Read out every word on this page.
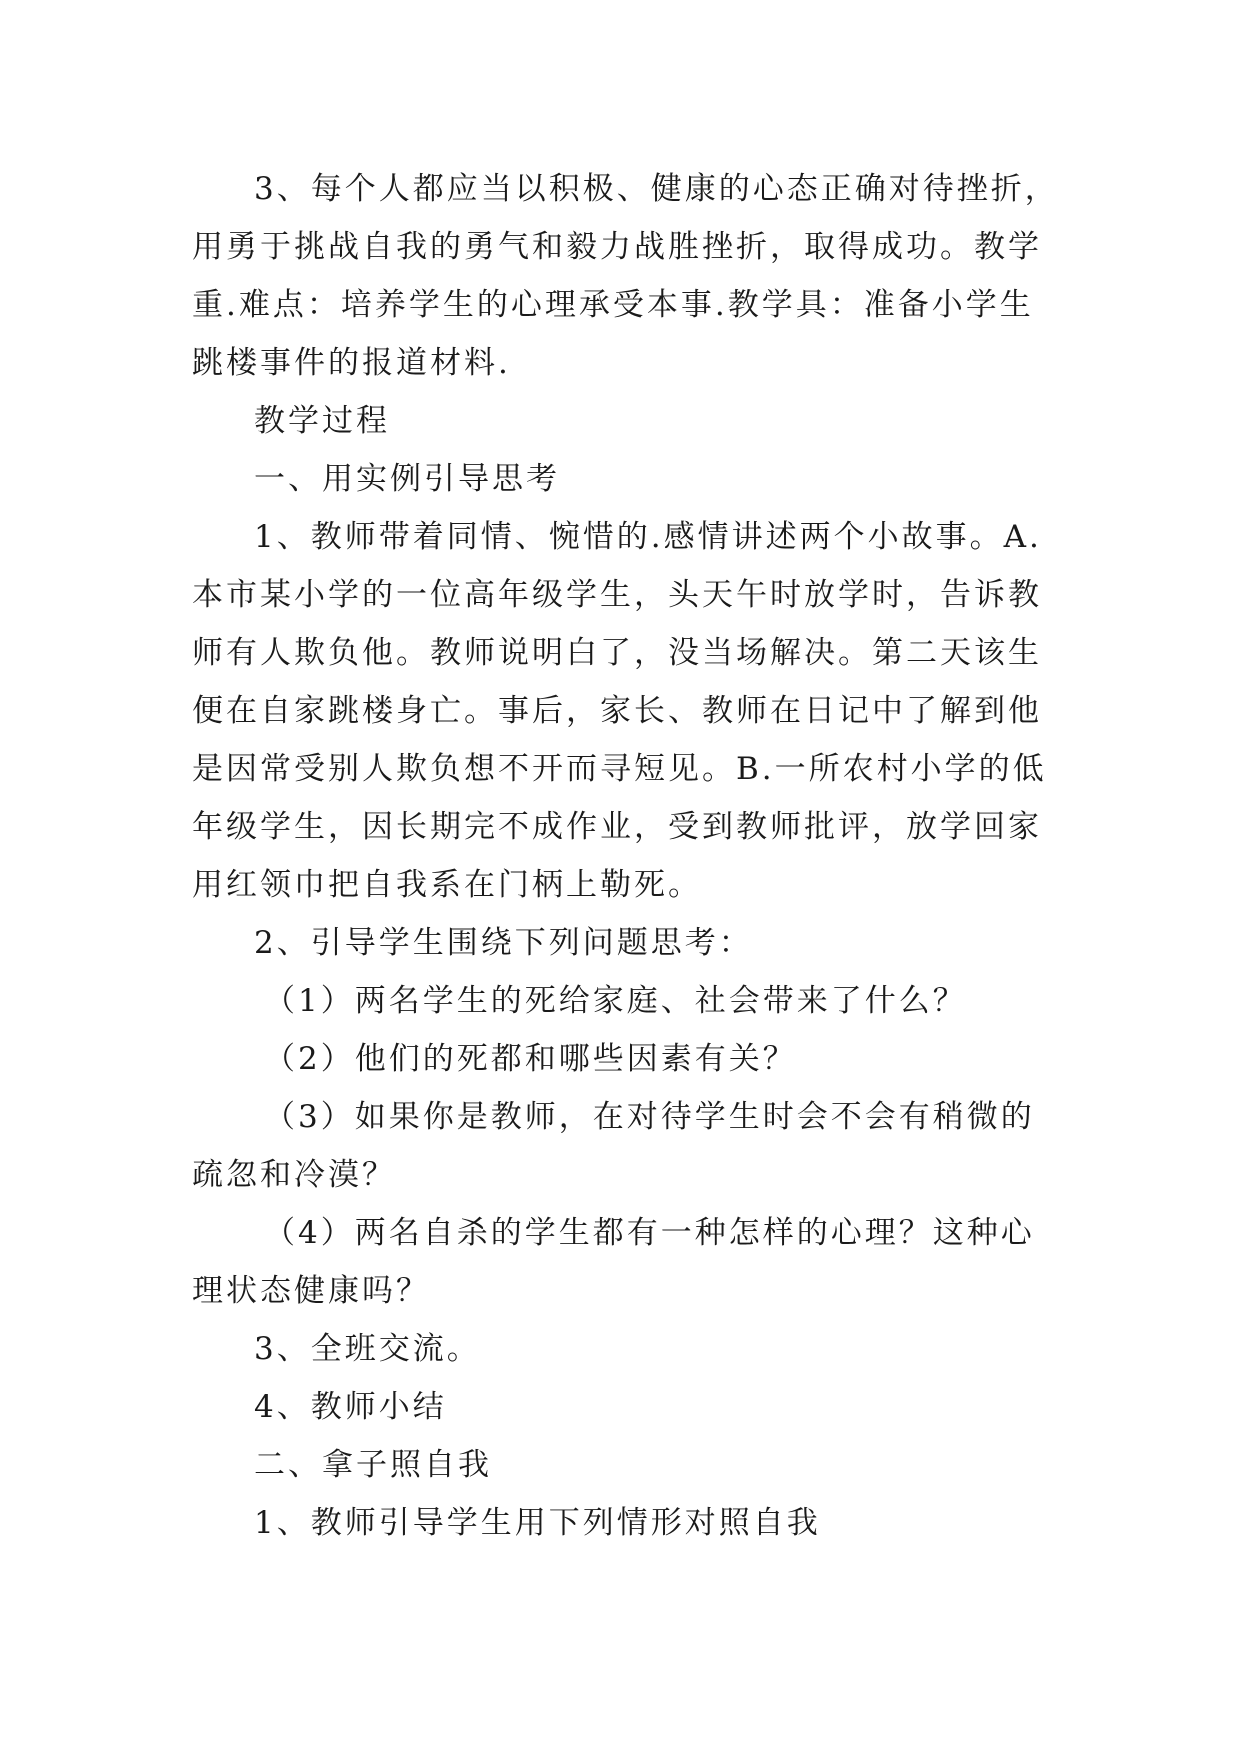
3、每个人都应当以积极、健康的心态正确对待挫折，用勇于挑战自我的勇气和毅力战胜挫折，取得成功。教学重.难点：培养学生的心理承受本事.教学具：准备小学生跳楼事件的报道材料.

教学过程

一、用实例引导思考

1、教师带着同情、惋惜的.感情讲述两个小故事。A.本市某小学的一位高年级学生，头天午时放学时，告诉教师有人欺负他。教师说明白了，没当场解决。第二天该生便在自家跳楼身亡。事后，家长、教师在日记中了解到他是因常受别人欺负想不开而寻短见。B.一所农村小学的低年级学生，因长期完不成作业，受到教师批评，放学回家用红领巾把自我系在门柄上勒死。

2、引导学生围绕下列问题思考：

（1）两名学生的死给家庭、社会带来了什么？

（2）他们的死都和哪些因素有关？

（3）如果你是教师，在对待学生时会不会有稍微的疏忽和冷漠？

（4）两名自杀的学生都有一种怎样的心理？这种心理状态健康吗？

3、全班交流。

4、教师小结

二、拿子照自我

1、教师引导学生用下列情形对照自我
